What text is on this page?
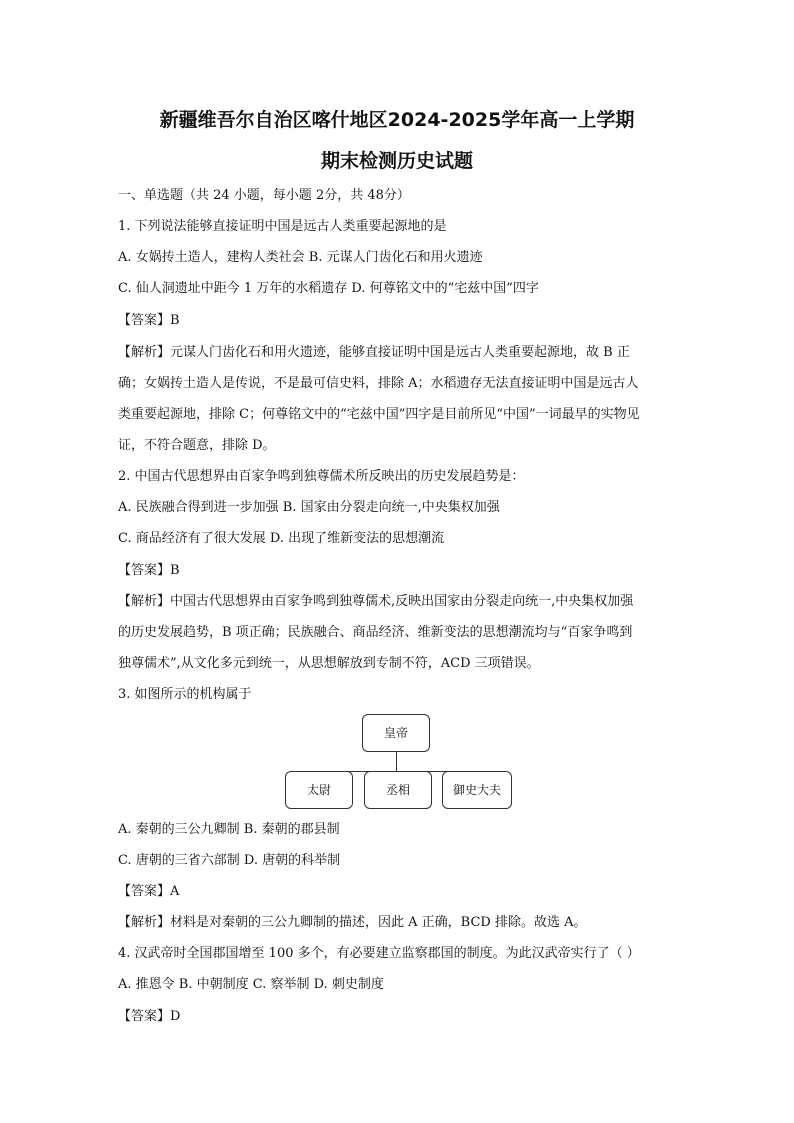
新疆维吾尔自治区喀什地区2024-2025学年高一上学期
期末检测历史试题
一、单选题（共 24 小题，每小题 2分，共 48分）
1. 下列说法能够直接证明中国是远古人类重要起源地的是
A. 女娲抟土造人，建构人类社会 B. 元谋人门齿化石和用火遗迹
C. 仙人洞遗址中距今 1 万年的水稻遗存 D. 何尊铭文中的“宅兹中国”四字
【答案】B
【解析】元谋人门齿化石和用火遗迹，能够直接证明中国是远古人类重要起源地，故 B 正
确；女娲抟土造人是传说，不是最可信史料，排除 A；水稻遗存无法直接证明中国是远古人
类重要起源地，排除 C；何尊铭文中的“宅兹中国”四字是目前所见“中国”一词最早的实物见
证，不符合题意，排除 D。
2. 中国古代思想界由百家争鸣到独尊儒术所反映出的历史发展趋势是：
A. 民族融合得到进一步加强 B. 国家由分裂走向统一,中央集权加强
C. 商品经济有了很大发展 D. 出现了维新变法的思想潮流
【答案】B
【解析】中国古代思想界由百家争鸣到独尊儒术,反映出国家由分裂走向统一,中央集权加强
的历史发展趋势，B 项正确；民族融合、商品经济、维新变法的思想潮流均与“百家争鸣到
独尊儒术”,从文化多元到统一，从思想解放到专制不符，ACD 三项错误。
3. 如图所示的机构属于
皇帝
太尉	丞相	御史大夫
A. 秦朝的三公九卿制 B. 秦朝的郡县制
C. 唐朝的三省六部制 D. 唐朝的科举制
【答案】A
【解析】材料是对秦朝的三公九卿制的描述，因此 A 正确，BCD 排除。故选 A。
4. 汉武帝时全国郡国增至 100 多个，有必要建立监察郡国的制度。为此汉武帝实行了（ ）
A. 推恩令 B. 中朝制度 C. 察举制 D. 刺史制度
【答案】D
